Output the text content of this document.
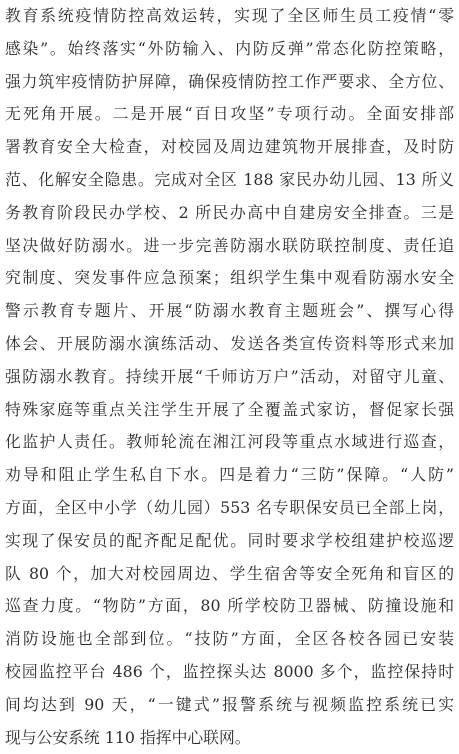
教育系统疫情防控高效运转，实现了全区师生员工疫情“零
感染”。始终落实“外防输入、内防反弹”常态化防控策略，
强力筑牢疫情防护屏障，确保疫情防控工作严要求、全方位、
无死角开展。二是开展“百日攻坚”专项行动。全面安排部
署教育安全大检查，对校园及周边建筑物开展排查，及时防
范、化解安全隐患。完成对全区 188 家民办幼儿园、13 所义
务教育阶段民办学校、2 所民办高中自建房安全排查。三是
坚决做好防溺水。进一步完善防溺水联防联控制度、责任追
究制度、突发事件应急预案；组织学生集中观看防溺水安全
警示教育专题片、开展“防溺水教育主题班会”、撰写心得
体会、开展防溺水演练活动、发送各类宣传资料等形式来加
强防溺水教育。持续开展“千师访万户”活动，对留守儿童、
特殊家庭等重点关注学生开展了全覆盖式家访，督促家长强
化监护人责任。教师轮流在湘江河段等重点水域进行巡查，
劝导和阻止学生私自下水。四是着力“三防”保障。“人防”
方面，全区中小学（幼儿园）553 名专职保安员已全部上岗，
实现了保安员的配齐配足配优。同时要求学校组建护校巡逻
队 80 个，加大对校园周边、学生宿舍等安全死角和盲区的
巡查力度。“物防”方面，80 所学校防卫器械、防撞设施和
消防设施也全部到位。“技防”方面，全区各校各园已安装
校园监控平台 486 个，监控探头达 8000 多个，监控保持时
间均达到 90 天，“一键式”报警系统与视频监控系统已实
现与公安系统 110 指挥中心联网。
